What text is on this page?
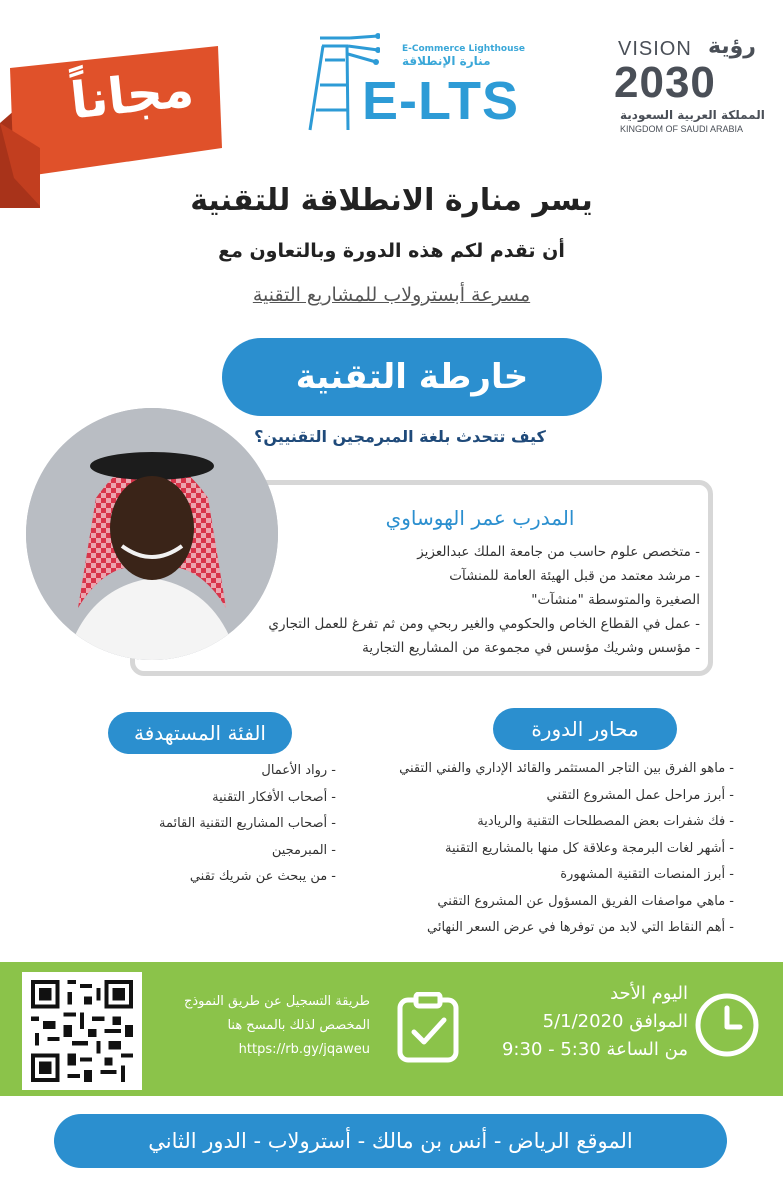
مجاناً
E-Commerce Lighthouse
منارة الإنطلاقة
E-LTS
VISION رؤية
2030
المملكة العربية السعودية
KINGDOM OF SAUDI ARABIA
يسر منارة الانطلاقة للتقنية
أن تقدم لكم هذه الدورة وبالتعاون مع
مسرعة أبسترولاب للمشاريع التقنية
خارطة التقنية
كيف تتحدث بلغة المبرمجين التقنيين؟
المدرب عمر الهوساوي
- متخصص علوم حاسب من جامعة الملك عبدالعزيز
- مرشد معتمد من قبل الهيئة العامة للمنشآت
الصغيرة والمتوسطة "منشآت"
- عمل في القطاع الخاص والحكومي والغير ربحي ومن ثم تفرغ للعمل التجاري
- مؤسس وشريك مؤسس في مجموعة من المشاريع التجارية
محاور الدورة
الفئة المستهدفة
- ماهو الفرق بين التاجر المستثمر والقائد الإداري والفني التقني
- أبرز مراحل عمل المشروع التقني
- فك شفرات بعض المصطلحات التقنية والريادية
- أشهر لغات البرمجة وعلاقة كل منها بالمشاريع التقنية
- أبرز المنصات التقنية المشهورة
- ماهي مواصفات الفريق المسؤول عن المشروع التقني
- أهم النقاط التي لابد من توفرها في عرض السعر النهائي
- رواد الأعمال
- أصحاب الأفكار التقنية
- أصحاب المشاريع التقنية القائمة
- المبرمجين
- من يبحث عن شريك تقني
طريقة التسجيل عن طريق النموذج
المخصص لذلك بالمسح هنا
https://rb.gy/jqaweu
اليوم الأحد
الموافق 5/1/2020
من الساعة 5:30 - 9:30
الموقع الرياض - أنس بن مالك - أسترولاب - الدور الثاني
